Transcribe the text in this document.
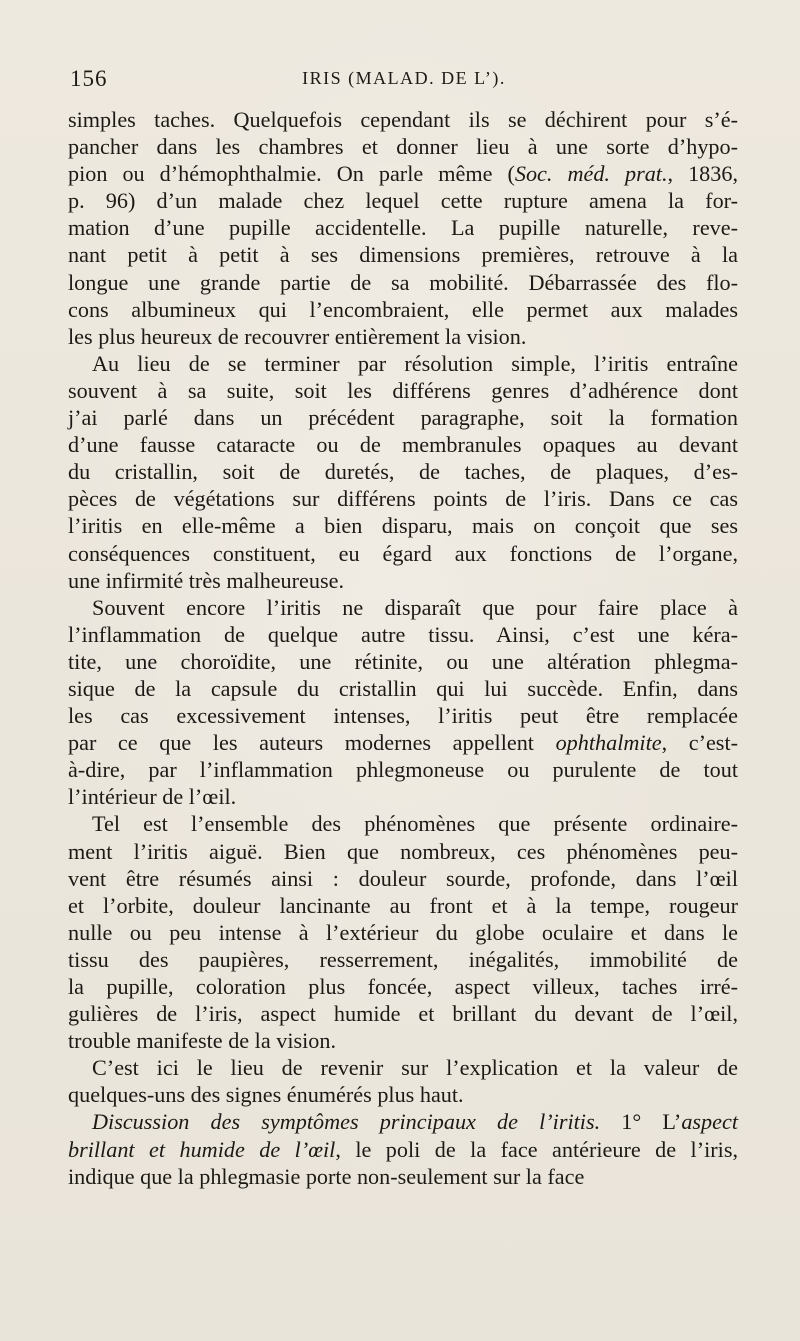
156	IRIS (MALAD. DE L’).

simples taches. Quelquefois cependant ils se déchirent pour s’é-
pancher dans les chambres et donner lieu à une sorte d’hypo-
pion ou d’hémophthalmie. On parle même (Soc. méd. prat., 1836,
p. 96) d’un malade chez lequel cette rupture amena la for-
mation d’une pupille accidentelle. La pupille naturelle, reve-
nant petit à petit à ses dimensions premières, retrouve à la
longue une grande partie de sa mobilité. Débarrassée des flo-
cons albumineux qui l’encombraient, elle permet aux malades
les plus heureux de recouvrer entièrement la vision.

Au lieu de se terminer par résolution simple, l’iritis entraîne
souvent à sa suite, soit les différens genres d’adhérence dont
j’ai parlé dans un précédent paragraphe, soit la formation
d’une fausse cataracte ou de membranules opaques au devant
du cristallin, soit de duretés, de taches, de plaques, d’es-
pèces de végétations sur différens points de l’iris. Dans ce cas
l’iritis en elle-même a bien disparu, mais on conçoit que ses
conséquences constituent, eu égard aux fonctions de l’organe,
une infirmité très malheureuse.

Souvent encore l’iritis ne disparaît que pour faire place à
l’inflammation de quelque autre tissu. Ainsi, c’est une kéra-
tite, une choroïdite, une rétinite, ou une altération phlegma-
sique de la capsule du cristallin qui lui succède. Enfin, dans
les cas excessivement intenses, l’iritis peut être remplacée
par ce que les auteurs modernes appellent ophthalmite, c’est-
à-dire, par l’inflammation phlegmoneuse ou purulente de tout
l’intérieur de l’œil.

Tel est l’ensemble des phénomènes que présente ordinaire-
ment l’iritis aiguë. Bien que nombreux, ces phénomènes peu-
vent être résumés ainsi : douleur sourde, profonde, dans l’œil
et l’orbite, douleur lancinante au front et à la tempe, rougeur
nulle ou peu intense à l’extérieur du globe oculaire et dans le
tissu des paupières, resserrement, inégalités, immobilité de
la pupille, coloration plus foncée, aspect villeux, taches irré-
gulières de l’iris, aspect humide et brillant du devant de l’œil,
trouble manifeste de la vision.

C’est ici le lieu de revenir sur l’explication et la valeur de
quelques-uns des signes énumérés plus haut.

Discussion des symptômes principaux de l’iritis. 1° L’aspect
brillant et humide de l’œil, le poli de la face antérieure de l’iris,
indique que la phlegmasie porte non-seulement sur la face
